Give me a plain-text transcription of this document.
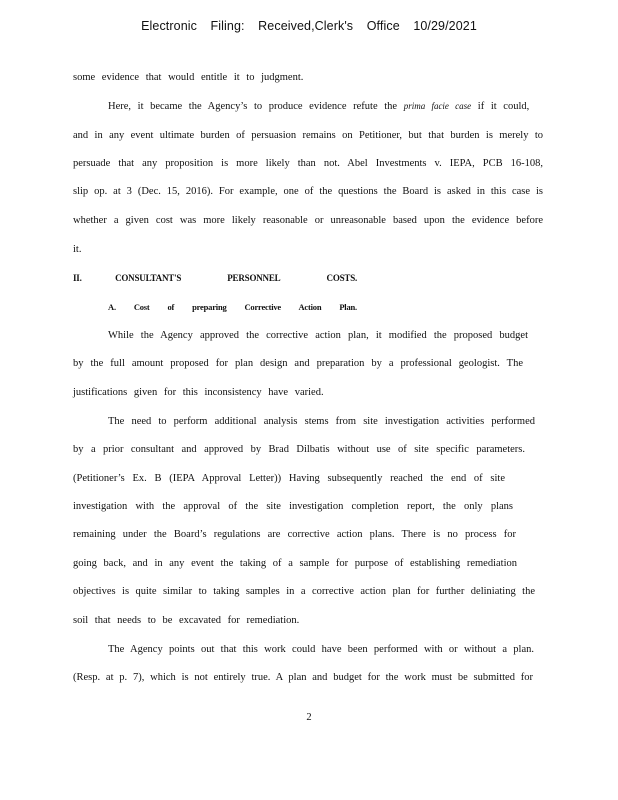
Electronic Filing: Received,Clerk's Office 10/29/2021
some evidence that would entitle it to judgment.
Here, it became the Agency’s to produce evidence refute the prima facie case if it could,
and in any event ultimate burden of persuasion remains on Petitioner, but that burden is merely to
persuade that any proposition is more likely than not. Abel Investments v. IEPA, PCB 16-108,
slip op. at 3 (Dec. 15, 2016). For example, one of the questions the Board is asked in this case is
whether a given cost was more likely reasonable or unreasonable based upon the evidence before
it.
II.	CONSULTANT'S	PERSONNEL	COSTS.
A. Cost of preparing Corrective Action Plan.
While the Agency approved the corrective action plan, it modified the proposed budget
by the full amount proposed for plan design and preparation by a professional geologist. The
justifications given for this inconsistency have varied.
The need to perform additional analysis stems from site investigation activities performed
by a prior consultant and approved by Brad Dilbatis without use of site specific parameters.
(Petitioner’s Ex. B (IEPA Approval Letter)) Having subsequently reached the end of site
investigation with the approval of the site investigation completion report, the only plans
remaining under the Board’s regulations are corrective action plans. There is no process for
going back, and in any event the taking of a sample for purpose of establishing remediation
objectives is quite similar to taking samples in a corrective action plan for further deliniating the
soil that needs to be excavated for remediation.
The Agency points out that this work could have been performed with or without a plan.
(Resp. at p. 7), which is not entirely true. A plan and budget for the work must be submitted for
2
